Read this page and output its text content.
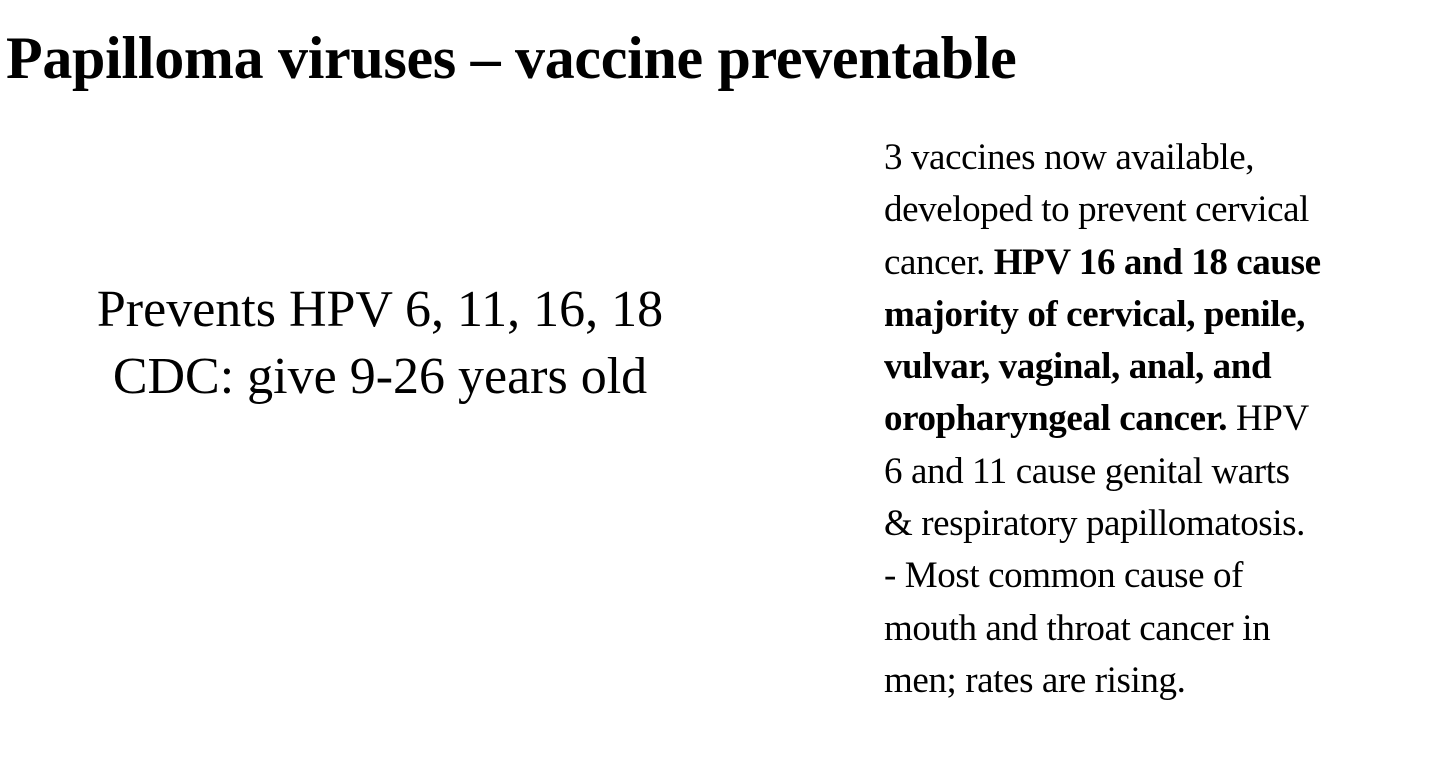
Papilloma viruses – vaccine preventable
Prevents HPV 6, 11, 16, 18
CDC: give 9-26 years old
3 vaccines now available,
developed to prevent cervical
cancer. HPV 16 and 18 cause
majority of cervical, penile,
vulvar, vaginal, anal, and
oropharyngeal cancer. HPV
6 and 11 cause genital warts
& respiratory papillomatosis.
- Most common cause of
mouth and throat cancer in
men; rates are rising.
